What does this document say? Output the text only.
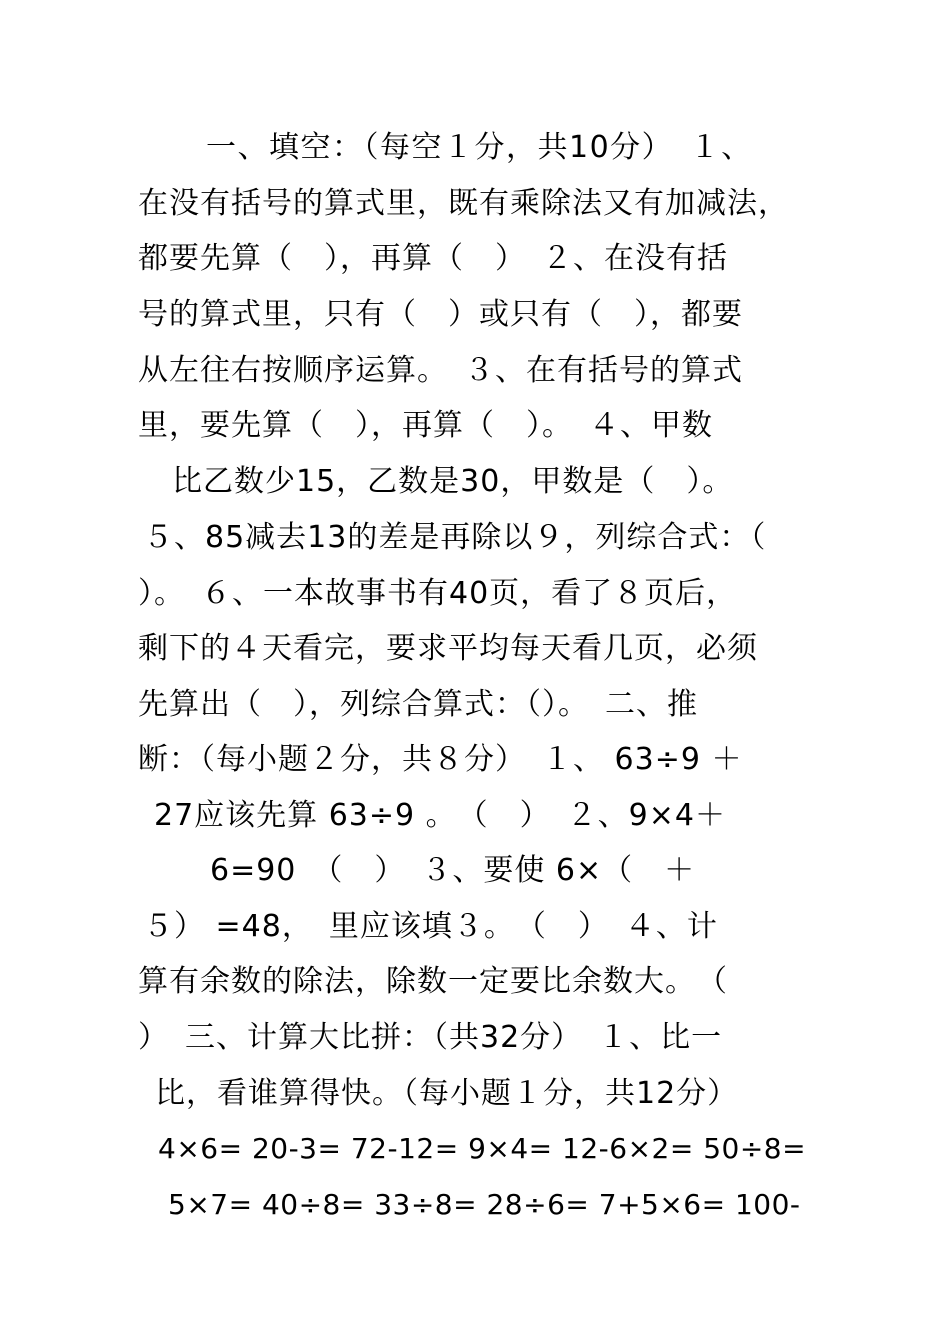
一、填空：（每空１分，共10分）　１、
在没有括号的算式里，既有乘除法又有加减法，
都要先算（　），再算（　）　２、在没有括
号的算式里，只有（　）或只有（　），都要
从左往右按顺序运算。　３、在有括号的算式
里，要先算（　），再算（　）。　４、甲数
比乙数少15，乙数是30，甲数是（　）。
５、85减去13的差是再除以９，列综合式：（
）。　６、一本故事书有40页，看了８页后，
剩下的４天看完，要求平均每天看几页，必须
先算出（　），列综合算式：（）。　二、推
断：（每小题２分，共８分）　１、 63÷9 ＋
27应该先算 63÷9 。　（　）　２、9×4＋
6=90　（　）　３、要使 6×（　＋
５） =48，　里应该填３。　（　）　４、计
算有余数的除法，除数一定要比余数大。　（
）　三、计算大比拼：（共32分）　１、比一
比，看谁算得快。（每小题１分，共12分）
4×6= 20-3= 72-12= 9×4= 12-6×2= 50÷8=
5×7= 40÷8= 33÷8= 28÷6= 7+5×6= 100-
